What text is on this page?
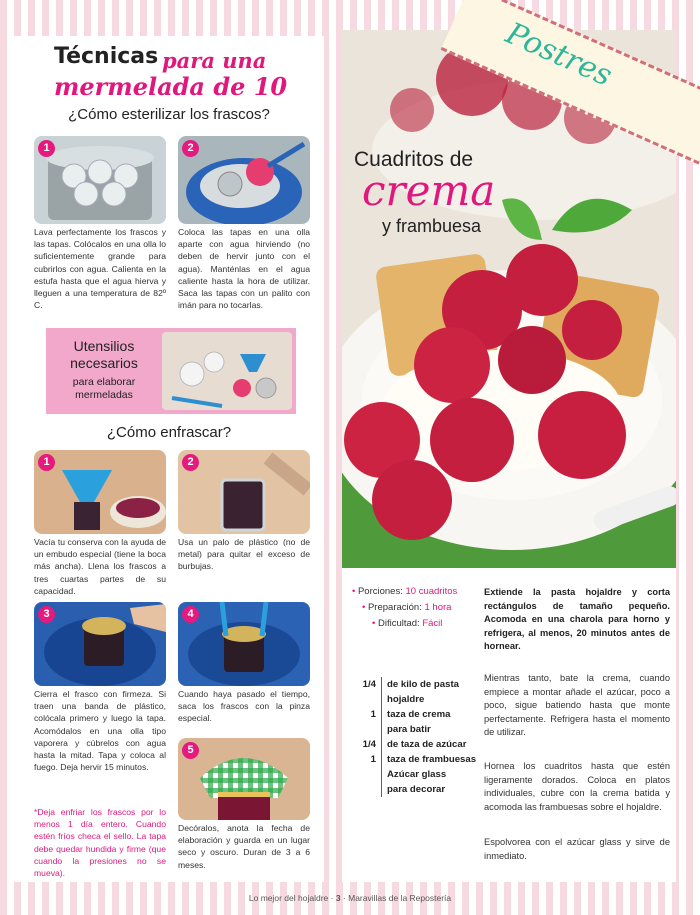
Técnicas para una
mermelada de 10
¿Cómo esterilizar los frascos?
1
Lava perfectamente los frascos y las tapas. Colócalos en una olla lo suficientemente grande para cubrirlos con agua. Calienta en la estufa hasta que el agua hierva y lleguen a una temperatura de 82º C.
2
Coloca las tapas en una olla aparte con agua hirviendo (no deben de hervir junto con el agua). Manténlas en el agua caliente hasta la hora de utilizar. Saca las tapas con un palito con imán para no tocarlas.
Utensilios necesarios
para elaborar mermeladas
¿Cómo enfrascar?
1
Vacía tu conserva con la ayuda de un embudo especial (tiene la boca más ancha). Llena los frascos a tres cuartas partes de su capacidad.
2
Usa un palo de plástico (no de metal) para quitar el exceso de burbujas.
3
Cierra el frasco con firmeza. Si traen una banda de plástico, colócala primero y luego la tapa. Acomódalos en una olla tipo vaporera y cúbrelos con agua hasta la mitad. Tapa y coloca al fuego. Deja hervir 15 minutos.
4
Cuando haya pasado el tiempo, saca los frascos con la pinza especial.
5
Decóralos, anota la fecha de elaboración y guarda en un lugar seco y oscuro. Duran de 3 a 6 meses.
*Deja enfriar los frascos por lo menos 1 día entero. Cuando estén fríos checa el sello. La tapa debe quedar hundida y firme (que cuando la presiones no se mueva).
Cuadritos de
crema
y frambuesa
• Porciones: 10 cuadritos
• Preparación: 1 hora
• Dificultad: Fácil
1/4	de kilo de pasta
hojaldre
1	taza de crema
para batir
1/4	de taza de azúcar
1	taza de frambuesas
Azúcar glass
para decorar
Extiende la pasta hojaldre y corta rectángulos de tamaño pequeño. Acomoda en una charola para horno y refrigera, al menos, 20 minutos antes de hornear.
Mientras tanto, bate la crema, cuando empiece a montar añade el azúcar, poco a poco, sigue batiendo hasta que monte perfectamente. Refrigera hasta el momento de utilizar.
Hornea los cuadritos hasta que estén ligeramente dorados. Coloca en platos individuales, cubre con la crema batida y acomoda las frambuesas sobre el hojaldre.
Espolvorea con el azúcar glass y sirve de inmediato.
Postres
Lo mejor del hojaldre · 3 · Maravillas de la Repostería
